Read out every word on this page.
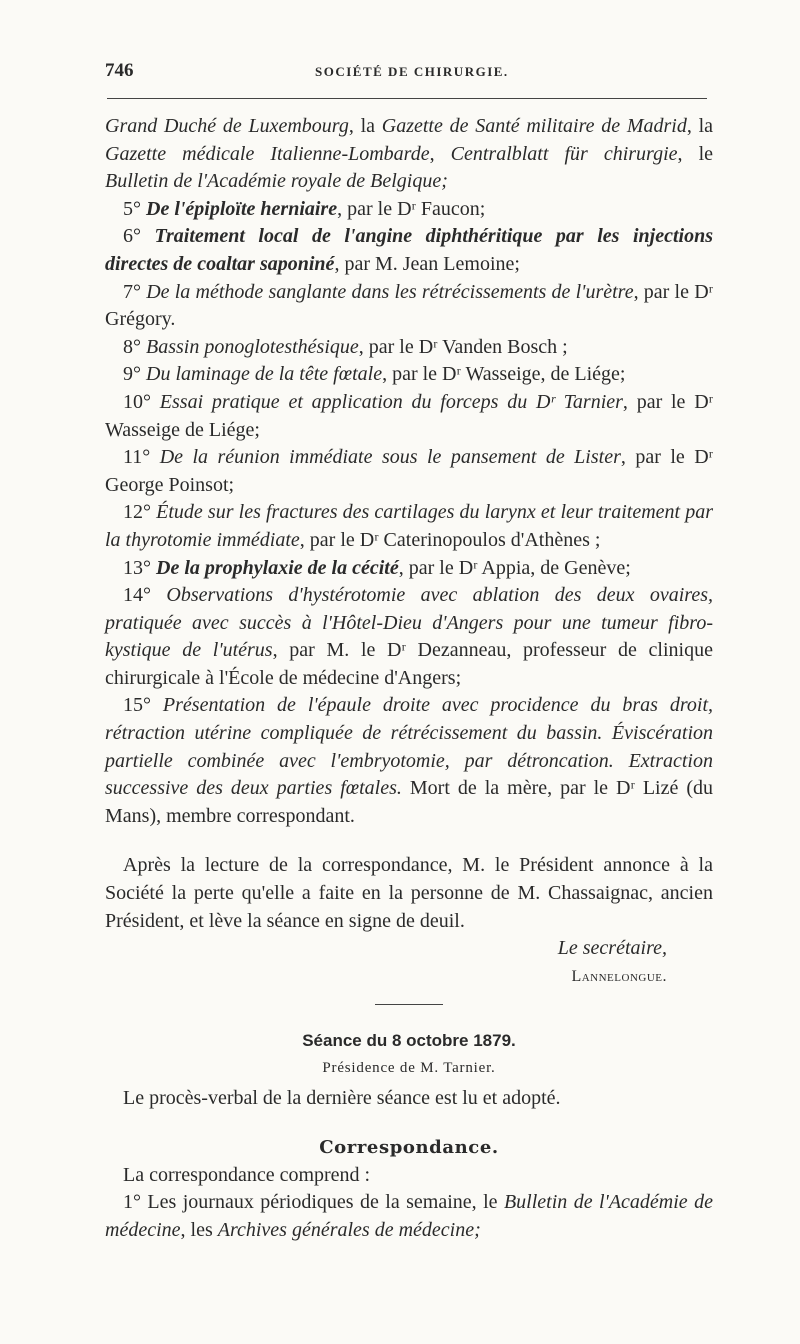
746	SOCIÉTÉ DE CHIRURGIE.

Grand Duché de Luxembourg, la Gazette de Santé militaire de Madrid, la Gazette médicale Italienne-Lombarde, Centralblatt für chirurgie, le Bulletin de l'Académie royale de Belgique;

5° De l'épiploïte herniaire, par le Dʳ Faucon;

6° Traitement local de l'angine diphthéritique par les injections directes de coaltar saponiné, par M. Jean Lemoine;

7° De la méthode sanglante dans les rétrécissements de l'urètre, par le Dʳ Grégory.

8° Bassin ponoglotesthésique, par le Dʳ Vanden Bosch ;

9° Du laminage de la tête fœtale, par le Dʳ Wasseige, de Liége;

10° Essai pratique et application du forceps du Dʳ Tarnier, par le Dʳ Wasseige de Liége;

11° De la réunion immédiate sous le pansement de Lister, par le Dʳ George Poinsot;

12° Étude sur les fractures des cartilages du larynx et leur traitement par la thyrotomie immédiate, par le Dʳ Caterinopoulos d'Athènes ;

13° De la prophylaxie de la cécité, par le Dʳ Appia, de Genève;

14° Observations d'hystérotomie avec ablation des deux ovaires, pratiquée avec succès à l'Hôtel-Dieu d'Angers pour une tumeur fibro-kystique de l'utérus, par M. le Dʳ Dezanneau, professeur de clinique chirurgicale à l'École de médecine d'Angers;

15° Présentation de l'épaule droite avec procidence du bras droit, rétraction utérine compliquée de rétrécissement du bassin. Éviscération partielle combinée avec l'embryotomie, par détroncation. Extraction successive des deux parties fœtales. Mort de la mère, par le Dʳ Lizé (du Mans), membre correspondant.

Après la lecture de la correspondance, M. le Président annonce à la Société la perte qu'elle a faite en la personne de M. Chassaignac, ancien Président, et lève la séance en signe de deuil.

Le secrétaire,

Lannelongue.

Séance du 8 octobre 1879.

Présidence de M. Tarnier.

Le procès-verbal de la dernière séance est lu et adopté.

Correspondance.

La correspondance comprend :

1° Les journaux périodiques de la semaine, le Bulletin de l'Académie de médecine, les Archives générales de médecine;
